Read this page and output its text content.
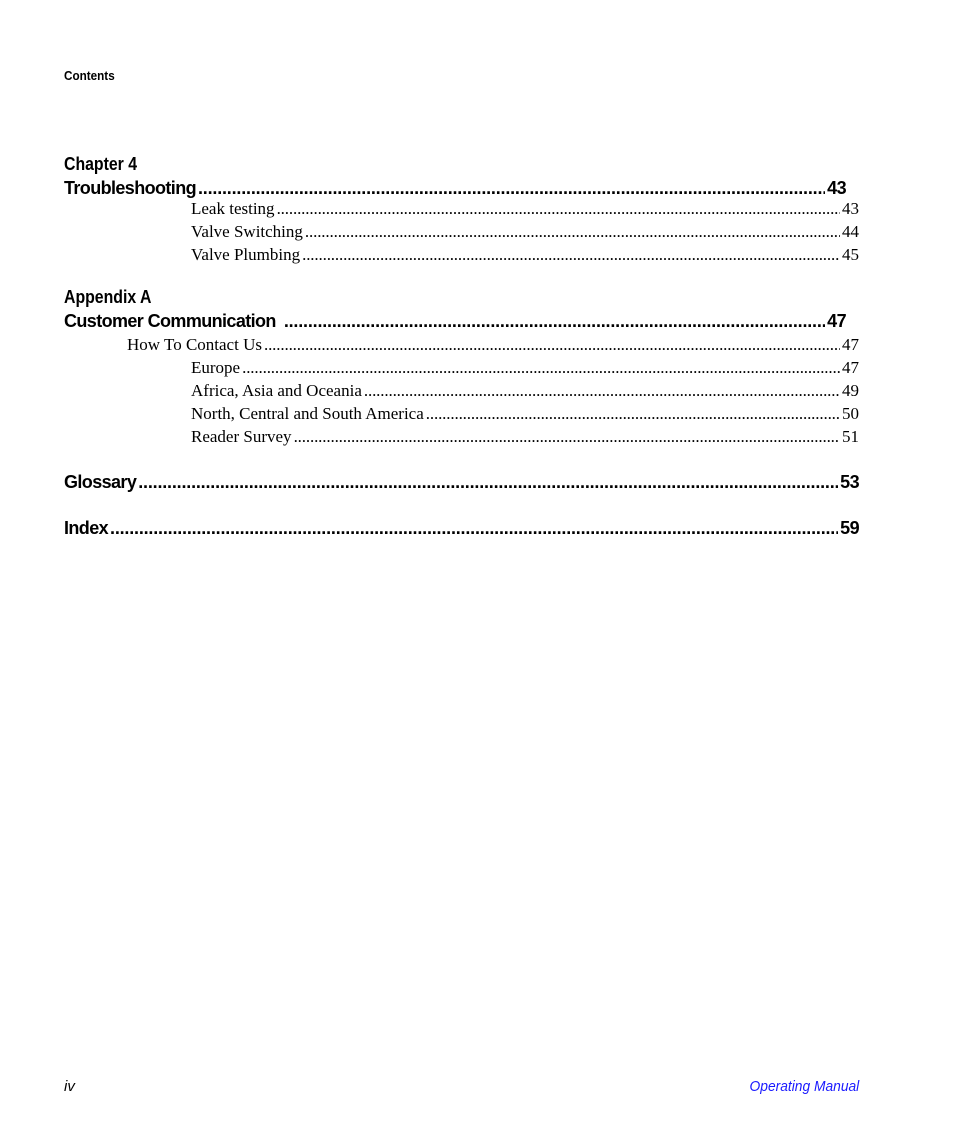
Contents
Chapter 4
Troubleshooting . . .	43
Leak testing . . .	43
Valve Switching . . .	44
Valve Plumbing . . .	45
Appendix A
Customer Communication . . .	47
How To Contact Us . . .	47
Europe . . .	47
Africa, Asia and Oceania . . .	49
North, Central and South America . . .	50
Reader Survey . . .	51
Glossary . . .	53
Index . . .	59
iv	Operating Manual
